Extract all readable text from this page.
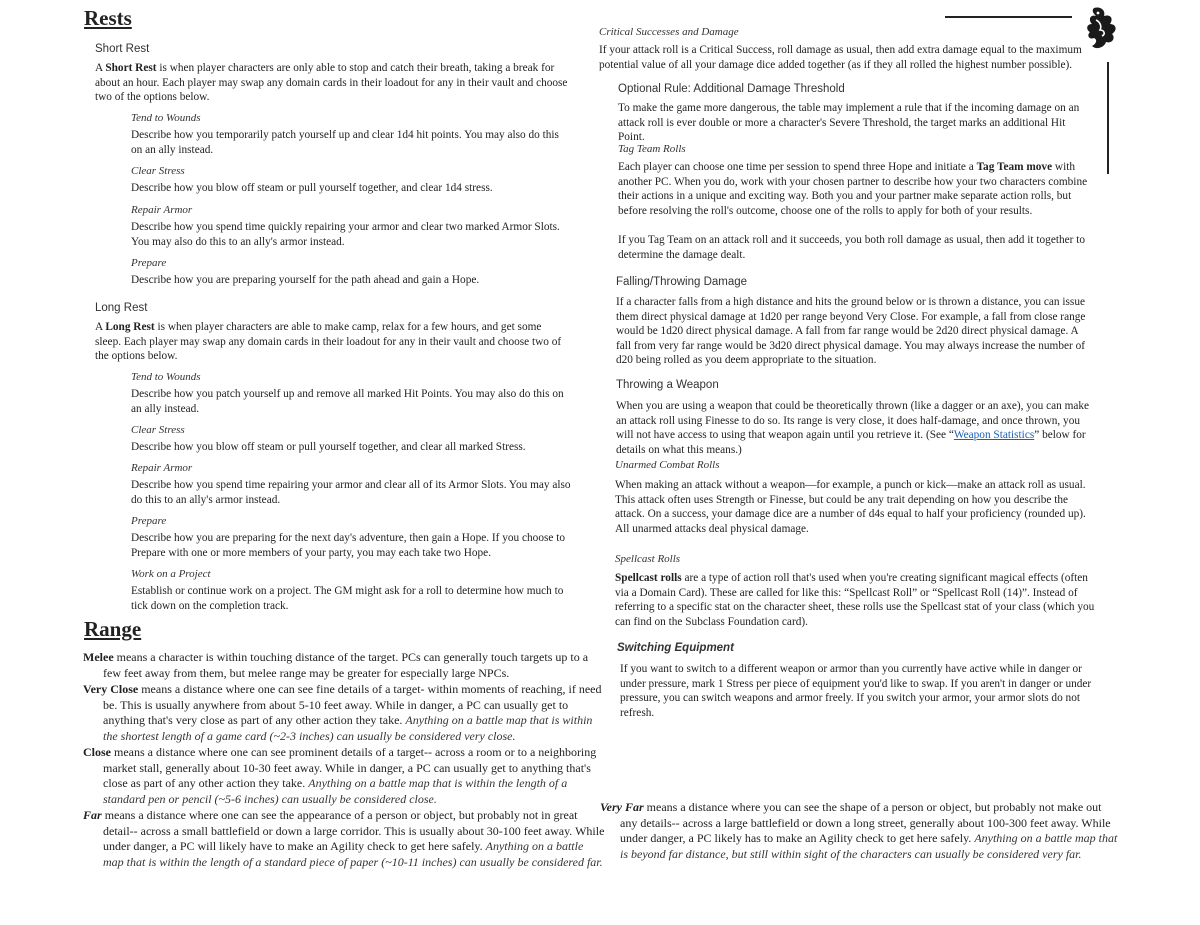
Rests
Short Rest

A Short Rest is when player characters are only able to stop and catch their breath, taking a break for about an hour. Each player may swap any domain cards in their loadout for any in their vault and choose two of the options below.

Tend to Wounds

Describe how you temporarily patch yourself up and clear 1d4 hit points. You may also do this on an ally instead.

Clear Stress

Describe how you blow off steam or pull yourself together, and clear 1d4 stress.

Repair Armor

Describe how you spend time quickly repairing your armor and clear two marked Armor Slots. You may also do this to an ally's armor instead.

Prepare

Describe how you are preparing yourself for the path ahead and gain a Hope.

Long Rest

A Long Rest is when player characters are able to make camp, relax for a few hours, and get some sleep. Each player may swap any domain cards in their loadout for any in their vault and choose two of the options below.

Tend to Wounds

Describe how you patch yourself up and remove all marked Hit Points. You may also do this on an ally instead.

Clear Stress

Describe how you blow off steam or pull yourself together, and clear all marked Stress.

Repair Armor

Describe how you spend time repairing your armor and clear all of its Armor Slots. You may also do this to an ally's armor instead.

Prepare

Describe how you are preparing for the next day's adventure, then gain a Hope. If you choose to Prepare with one or more members of your party, you may each take two Hope.

Work on a Project

Establish or continue work on a project. The GM might ask for a roll to determine how much to tick down on the completion track.

Range

Melee means a character is within touching distance of the target. PCs can generally touch targets up to a few feet away from them, but melee range may be greater for especially large NPCs.

Very Close means a distance where one can see fine details of a target- within moments of reaching, if need be. This is usually anywhere from about 5-10 feet away. While in danger, a PC can usually get to anything that's very close as part of any other action they take. Anything on a battle map that is within the shortest length of a game card (~2-3 inches) can usually be considered very close.

Close means a distance where one can see prominent details of a target-- across a room or to a neighboring market stall, generally about 10-30 feet away. While in danger, a PC can usually get to anything that's close as part of any other action they take. Anything on a battle map that is within the length of a standard pen or pencil (~5-6 inches) can usually be considered close.

Far means a distance where one can see the appearance of a person or object, but probably not in great detail-- across a small battlefield or down a large corridor. This is usually about 30-100 feet away. While under danger, a PC will likely have to make an Agility check to get here safely. Anything on a battle map that is within the length of a standard piece of paper (~10-11 inches) can usually be considered far.

Critical Successes and Damage

If your attack roll is a Critical Success, roll damage as usual, then add extra damage equal to the maximum potential value of all your damage dice added together (as if they all rolled the highest number possible).

Optional Rule: Additional Damage Threshold

To make the game more dangerous, the table may implement a rule that if the incoming damage on an attack roll is ever double or more a character's Severe Threshold, the target marks an additional Hit Point.

Tag Team Rolls

Each player can choose one time per session to spend three Hope and initiate a Tag Team move with another PC. When you do, work with your chosen partner to describe how your two characters combine their actions in a unique and exciting way. Both you and your partner make separate action rolls, but before resolving the roll's outcome, choose one of the rolls to apply for both of your results.

If you Tag Team on an attack roll and it succeeds, you both roll damage as usual, then add it together to determine the damage dealt.

Falling/Throwing Damage

If a character falls from a high distance and hits the ground below or is thrown a distance, you can issue them direct physical damage at 1d20 per range beyond Very Close. For example, a fall from close range would be 1d20 direct physical damage. A fall from far range would be 2d20 direct physical damage. A fall from very far range would be 3d20 direct physical damage. You may always increase the number of d20 being rolled as you deem appropriate to the situation.

Throwing a Weapon

When you are using a weapon that could be theoretically thrown (like a dagger or an axe), you can make an attack roll using Finesse to do so. Its range is very close, it does half-damage, and once thrown, you will not have access to using that weapon again until you retrieve it. (See “Weapon Statistics” below for details on what this means.)

Unarmed Combat Rolls

When making an attack without a weapon—for example, a punch or kick—make an attack roll as usual. This attack often uses Strength or Finesse, but could be any trait depending on how you describe the attack. On a success, your damage dice are a number of d4s equal to half your proficiency (rounded up). All unarmed attacks deal physical damage.

Spellcast Rolls

Spellcast rolls are a type of action roll that's used when you're creating significant magical effects (often via a Domain Card). These are called for like this: “Spellcast Roll” or “Spellcast Roll (14)”. Instead of referring to a specific stat on the character sheet, these rolls use the Spellcast stat of your class (which you can find on the Subclass Foundation card).

Switching Equipment

If you want to switch to a different weapon or armor than you currently have active while in danger or under pressure, mark 1 Stress per piece of equipment you'd like to swap. If you aren't in danger or under pressure, you can switch weapons and armor freely. If you switch your armor, your armor slots do not refresh.

Very Far means a distance where you can see the shape of a person or object, but probably not make out any details-- across a large battlefield or down a long street, generally about 100-300 feet away. While under danger, a PC likely has to make an Agility check to get here safely. Anything on a battle map that is beyond far distance, but still within sight of the characters can usually be considered very far.
